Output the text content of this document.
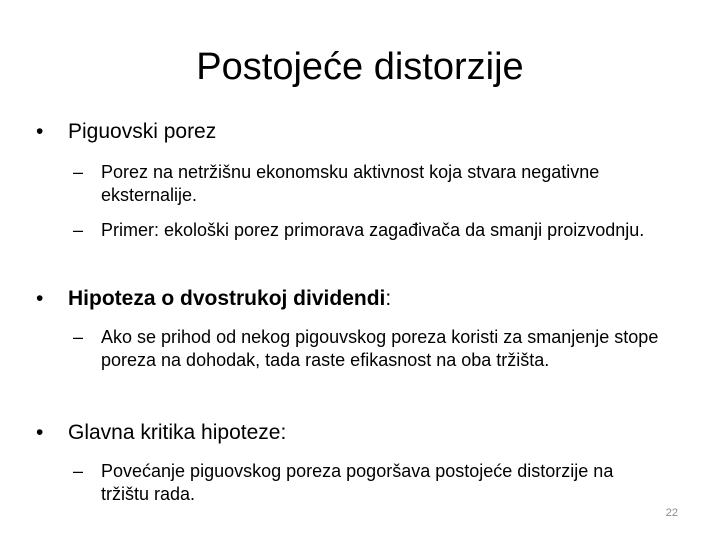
Postojeće distorzije
•	Piguovski porez
– Porez na netržišnu ekonomsku aktivnost koja stvara negativne eksternalije.
– Primer: ekološki porez primorava zagađivača da smanji proizvodnju.
•	Hipoteza o dvostrukoj dividendi:
– Ako se prihod od nekog pigouvskog poreza koristi za smanjenje stope poreza na dohodak, tada raste efikasnost na oba tržišta.
•	Glavna kritika hipoteze:
– Povećanje piguovskog poreza pogoršava postojeće distorzije na tržištu rada.
22
